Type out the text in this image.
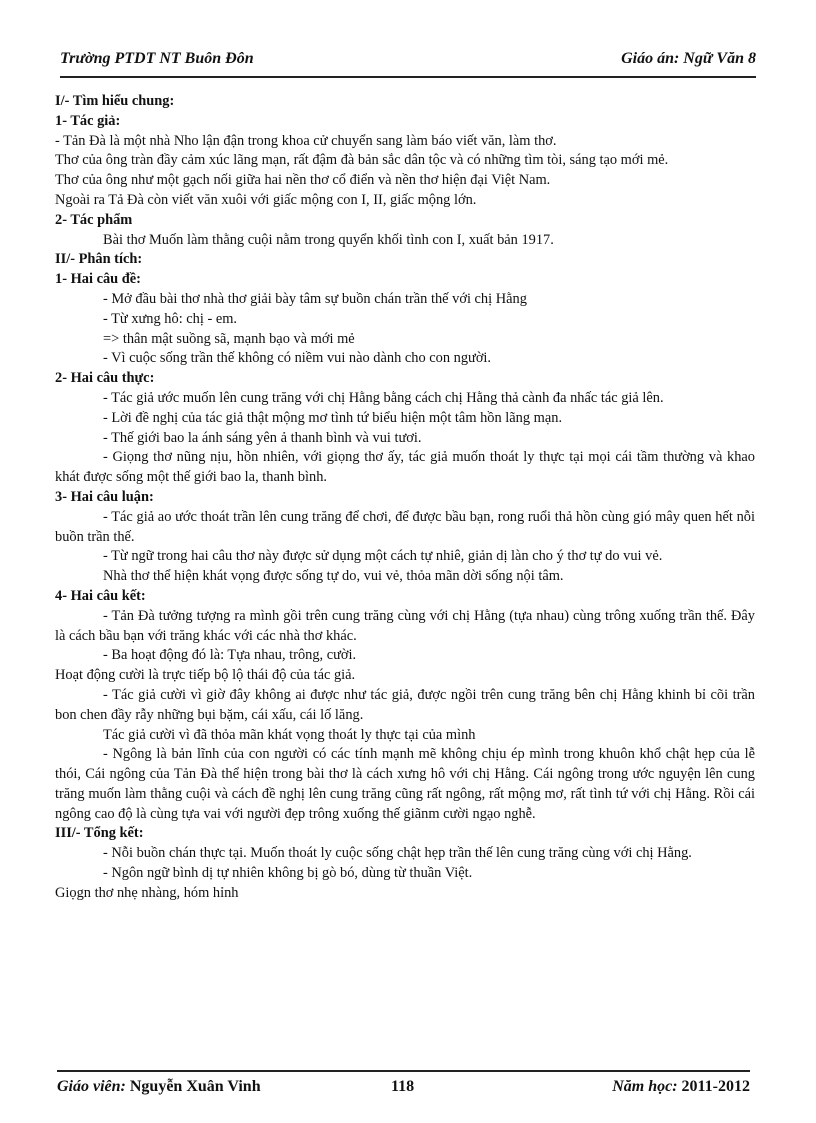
Trường PTDT NT Buôn Đôn	Giáo án: Ngữ Văn 8

I/- Tìm hiểu chung:

1- Tác giả:

- Tản Đà là một nhà Nho lận đận trong khoa cử chuyển sang làm báo viết văn, làm thơ.

Thơ của ông tràn đầy cảm xúc lãng mạn, rất đậm đà bản sắc dân tộc và có những tìm tòi, sáng tạo mới mẻ.

Thơ của ông như một gạch nối giữa hai nền thơ cổ điển và nền thơ hiện đại Việt Nam.

Ngoài ra Tả Đà còn viết văn xuôi với giấc mộng con I, II, giấc mộng lớn.

2- Tác phẩm

Bài thơ Muốn làm thằng cuội nằm trong quyển khối tình con I, xuất bản 1917.

II/- Phân tích:

1- Hai câu đề:

- Mở đầu bài thơ nhà thơ giải bày tâm sự buồn chán trần thế với chị Hằng

- Từ xưng hô: chị - em.

=> thân mật suồng sã, mạnh bạo và mới mẻ

- Vì cuộc sống trần thế không có niềm vui nào dành cho con người.

2- Hai câu thực:

- Tác giả ước muốn lên cung trăng với chị Hằng bằng cách chị Hằng thả cành đa nhấc tác giả lên.

- Lời đề nghị của tác giả thật mộng mơ tình tứ biểu hiện một tâm hồn lãng mạn.

- Thế giới bao la ánh sáng yên ả thanh bình và vui tươi.

- Giọng thơ nũng nịu, hồn nhiên, với giọng thơ ấy, tác giả muốn thoát ly thực tại mọi cái tầm thường và khao khát được sống một thế giới bao la, thanh bình.

3- Hai câu luận:

- Tác giả ao ước thoát trần lên cung trăng để chơi, để được bầu bạn, rong ruổi thả hồn cùng gió mây quen hết nỗi buồn trần thế.

- Từ ngữ trong hai câu thơ này được sử dụng một cách tự nhiê, giản dị làn cho ý thơ tự do vui vẻ.

Nhà thơ thể hiện khát vọng được sống tự do, vui vẻ, thỏa mãn dời sống nội tâm.

4- Hai câu kết:

- Tản Đà tưởng tượng ra mình gồi trên cung trăng cùng với chị Hằng (tựa nhau) cùng trông xuống trần thế. Đây là cách bầu bạn với trăng khác với các nhà thơ khác.

- Ba hoạt động đó là: Tựa nhau, trông, cười.

Hoạt động cười là trực tiếp bộ lộ thái độ của tác giả.

- Tác giả cười vì giờ đây không ai được như tác giả, được ngồi trên cung trăng bên chị Hằng khinh bỉ cõi trần bon chen đầy rẫy những bụi bặm, cái xấu, cái lố lăng.

Tác giả cười vì đã thỏa mãn khát vọng thoát ly thực tại của mình

- Ngông là bản lĩnh của con người có các tính mạnh mẽ không chịu ép mình trong khuôn khổ chật hẹp của lễ thói, Cái ngông của Tản Đà thể hiện trong bài thơ là cách xưng hô với chị Hằng. Cái ngông trong ước nguyện lên cung trăng muốn làm thằng cuội và cách đề nghị lên cung trăng cũng rất ngông, rất mộng mơ, rất tình tứ với chị Hằng. Rồi cái ngông cao độ là cùng tựa vai với người đẹp trông xuống thế giãnm cười ngạo nghễ.

III/- Tổng kết:

- Nỗi buồn chán thực tại. Muốn thoát ly cuộc sống chật hẹp trần thế lên cung trăng cùng với chị Hằng.

- Ngôn ngữ bình dị tự nhiên không bị gò bó, dùng từ thuần Việt.

Giọgn thơ nhẹ nhàng, hóm hỉnh

Giáo viên: Nguyễn Xuân Vinh	118	Năm học: 2011-2012
